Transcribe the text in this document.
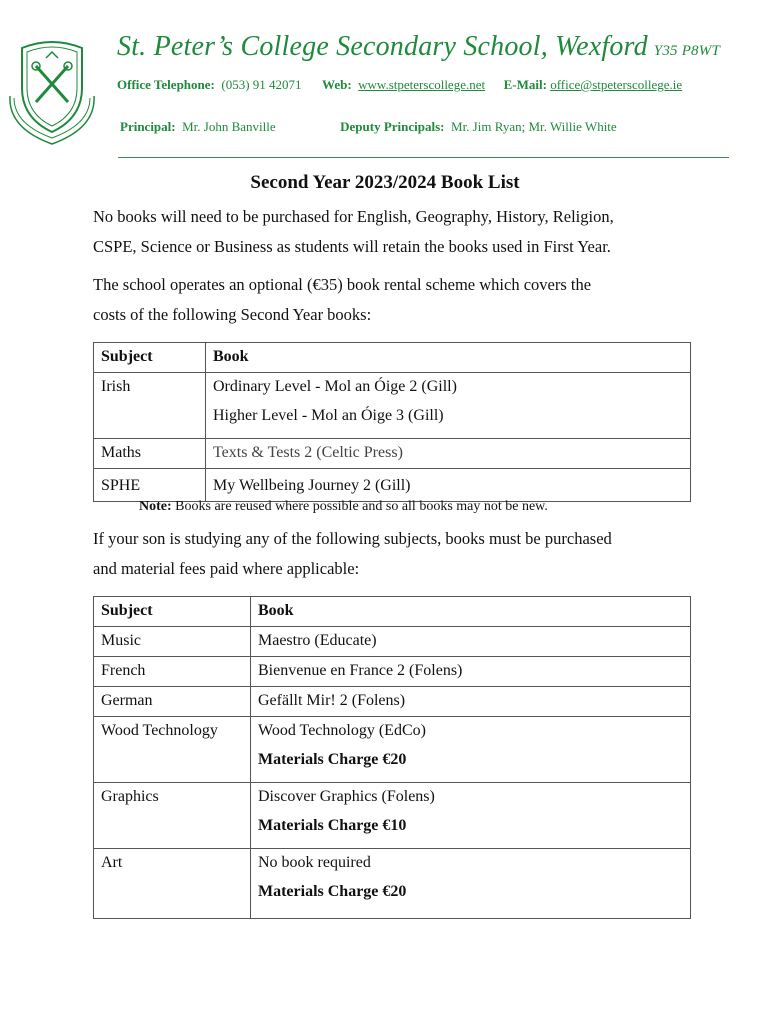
St. Peter’s College Secondary School, Wexford Y35 P8WT
Office Telephone: (053) 91 42071 Web: www.stpeterscollege.net E-Mail: office@stpeterscollege.ie
Principal: Mr. John Banville	Deputy Principals: Mr. Jim Ryan; Mr. Willie White
Second Year 2023/2024 Book List
No books will need to be purchased for English, Geography, History, Religion,
CSPE, Science or Business as students will retain the books used in First Year.
The school operates an optional (€35) book rental scheme which covers the
costs of the following Second Year books:
Subject	Book
Irish	Ordinary Level - Mol an Óige 2 (Gill)
Higher Level - Mol an Óige 3 (Gill)

Maths	Texts & Tests 2 (Celtic Press)
SPHE	My Wellbeing Journey 2 (Gill)
Note: Books are reused where possible and so all books may not be new.
If your son is studying any of the following subjects, books must be purchased
and material fees paid where applicable:
Subject	Book
Music	Maestro (Educate)
French	Bienvenue en France 2 (Folens)
German	Gefällt Mir! 2 (Folens)
Wood Technology	Wood Technology (EdCo)
Materials Charge €20

Graphics	Discover Graphics (Folens)
Materials Charge €10

Art	No book required
Materials Charge €20
